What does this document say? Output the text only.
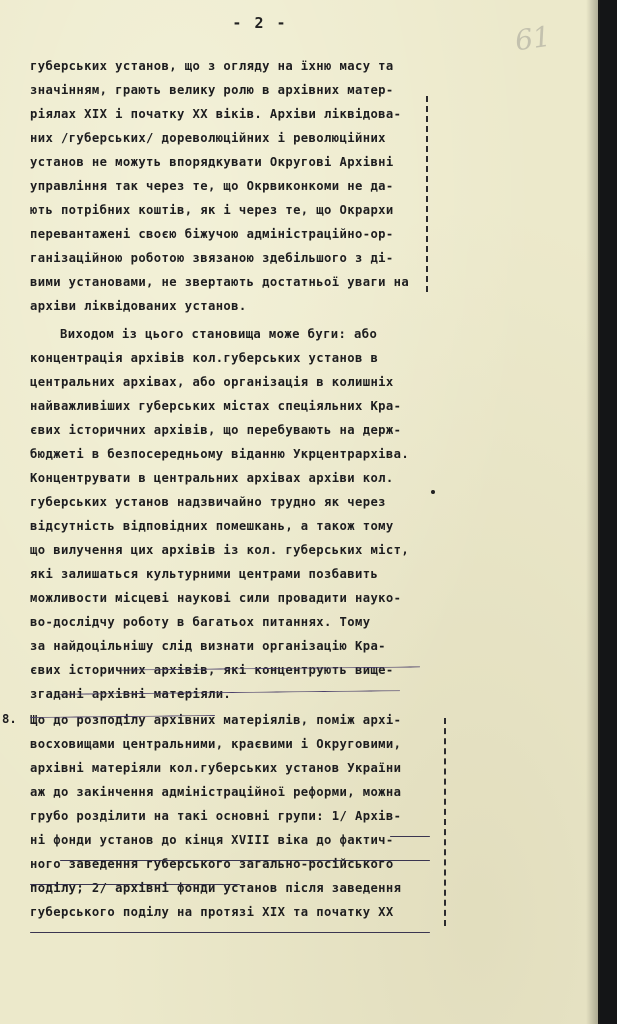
- 2 -	61
губерських установ, що з огляду на їхню масу та
значінням, грають велику ролю в архівних матер-
ріялах XIX і початку XX віків. Архіви ліквідова-
них /губерських/ дореволюційних і революційних
установ не можуть впорядкувати Округові Архівні
управління так через те, що Окрвиконкоми не да-
ють потрібних коштів, як і через те, що Окрархи
перевантажені своєю біжучою адміністраційно-ор-
ганізаційною роботою звязаною здебільшого з ді-
вими установами, не звертають достатньої уваги на
архіви ліквідованих установ.
Виходом із цього становища може буги: або
концентрація архівів кол.губерських установ в
центральних архівах, або організація в колишніх
найважливіших губерських містах спеціяльних Кра-
євих історичних архівів, що перебувають на держ-
бюджеті в безпосередньому віданню Укрцентрархіва.
Концентрувати в центральних архівах архіви кол.
губерських установ надзвичайно трудно як через
відсутність відповідних помешкань, а також тому
що вилучення цих архівів із кол. губерських міст,
які залишаться культурними центрами позбавить
можливости місцеві наукові сили провадити науко-
во-дослідчу роботу в багатьох питаннях. Тому
за найдоцільнішу слід визнати організацію Кра-
євих історичних архівів, які концентрують вище-
згадані архівні матеріяли.
8. Що до розподілу архівних матеріялів, поміж архі-
восховищами центральними, краєвими і Округовими,
архівні матеріяли кол.губерських установ України
аж до закінчення адміністраційної реформи, можна
грубо розділити на такі основні групи: 1/ Архів-
ні фонди установ до кінця XVIII віка до фактич-
ного заведення губерського загально-російського
поділу; 2/ архівні фонди установ після заведення
губерського поділу на протязі XIX та початку XX
